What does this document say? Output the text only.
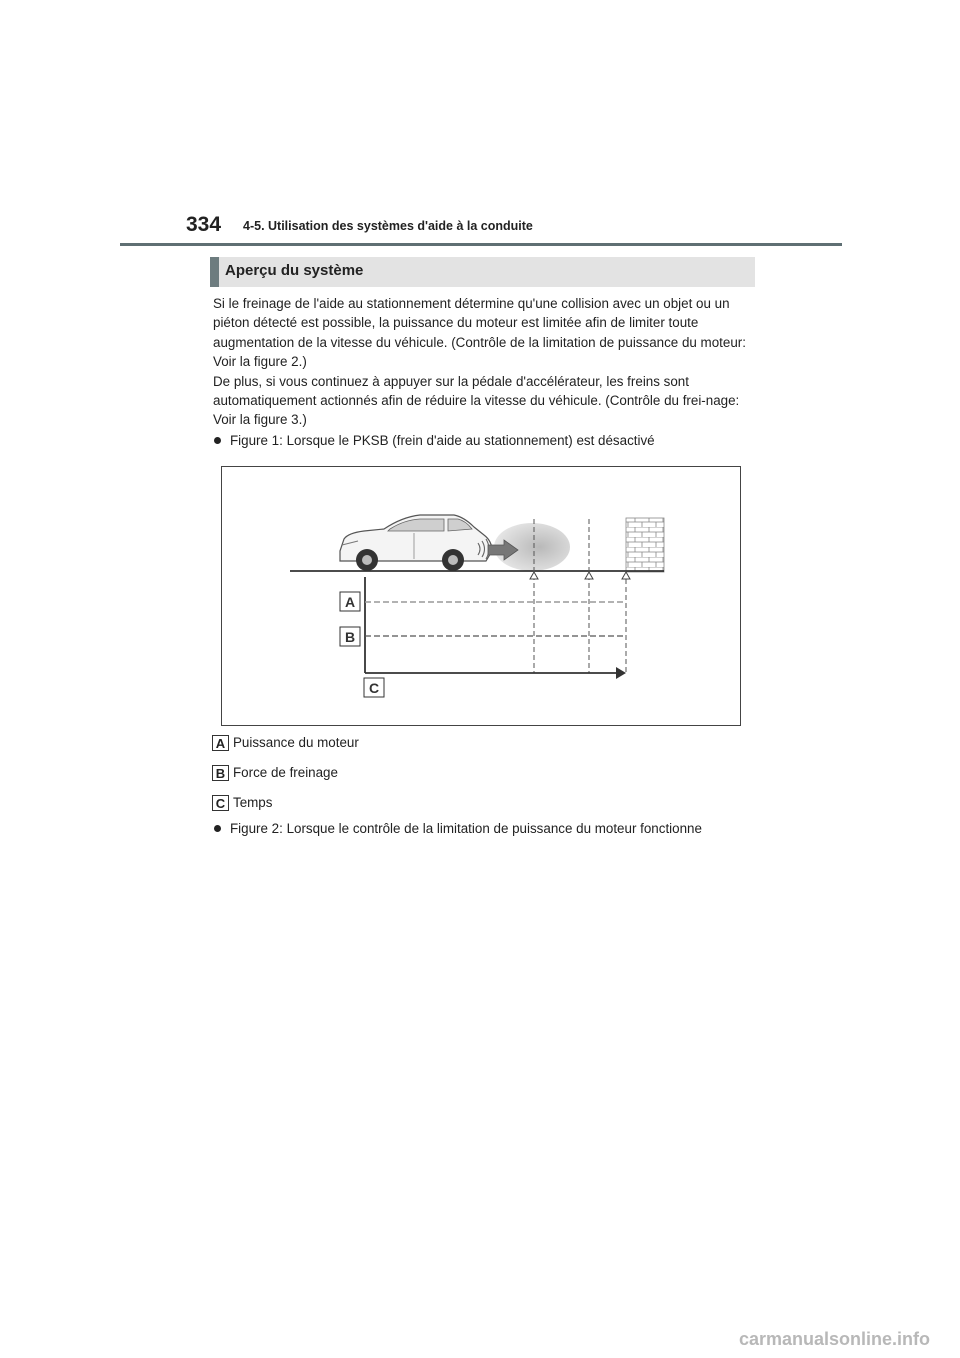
334 4-5. Utilisation des systèmes d'aide à la conduite
Aperçu du système

Si le freinage de l'aide au stationnement détermine qu'une collision avec un objet ou un piéton détecté est possible, la puissance du moteur est limitée afin de limiter toute augmentation de la vitesse du véhicule. (Contrôle de la limitation de puissance du moteur: Voir la figure 2.)

De plus, si vous continuez à appuyer sur la pédale d'accélérateur, les freins sont automatiquement actionnés afin de réduire la vitesse du véhicule. (Contrôle du frei-nage: Voir la figure 3.)

Figure 1: Lorsque le PKSB (frein d'aide au stationnement) est désactivé
A
B
C
A Puissance du moteur
B Force de freinage
C Temps
Figure 2: Lorsque le contrôle de la limitation de puissance du moteur fonctionne
carmanualsonline.info
